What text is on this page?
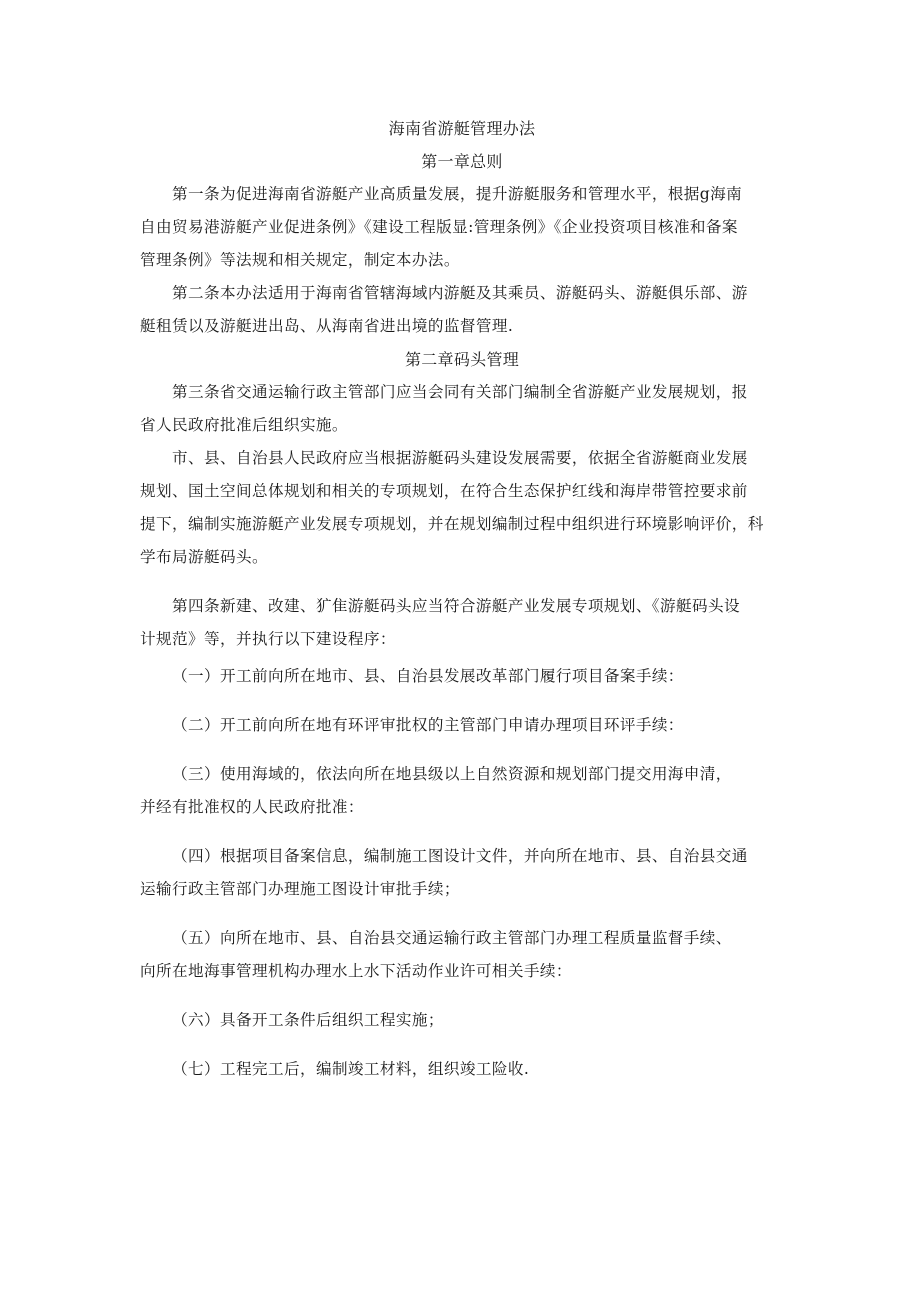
海南省游艇管理办法

第一章总则

第一条为促进海南省游艇产业高质量发展，提升游艇服务和管理水平，根据g海南
自由贸易港游艇产业促进条例》《建设工程版显:管理条例》《企业投资项目核准和备案
管理条例》等法规和相关规定，制定本办法。

第二条本办法适用于海南省管辖海域内游艇及其乘员、游艇码头、游艇俱乐部、游
艇租赁以及游艇进出岛、从海南省进出境的监督管理.

第二章码头管理

第三条省交通运输行政主管部门应当会同有关部门编制全省游艇产业发展规划，报
省人民政府批准后组织实施。

市、县、自治县人民政府应当根据游艇码头建设发展需要，依据全省游艇商业发展
规划、国土空间总体规划和相关的专项规划，在符合生态保护红线和海岸带管控要求前
提下，编制实施游艇产业发展专项规划，并在规划编制过程中组织进行环境影响评价，科
学布局游艇码头。

第四条新建、改建、犷隹游艇码头应当符合游艇产业发展专项规划、《游艇码头设
计规范》等，并执行以下建设程序：

（一）开工前向所在地市、县、自治县发展改革部门履行项目备案手续：

（二）开工前向所在地有环评审批权的主管部门申请办理项目环评手续：

（三）使用海域的，依法向所在地县级以上自然资源和规划部门提交用海申清，
并经有批准权的人民政府批准：

（四）根据项目备案信息，编制施工图设计文件，并向所在地市、县、自治县交通
运输行政主管部门办理施工图设计审批手续；

（五）向所在地市、县、自治县交通运输行政主管部门办理工程质量监督手续、
向所在地海事管理机构办理水上水下活动作业许可相关手续：

（六）具备开工条件后组织工程实施；

（七）工程完工后，编制竣工材料，组织竣工险收.
